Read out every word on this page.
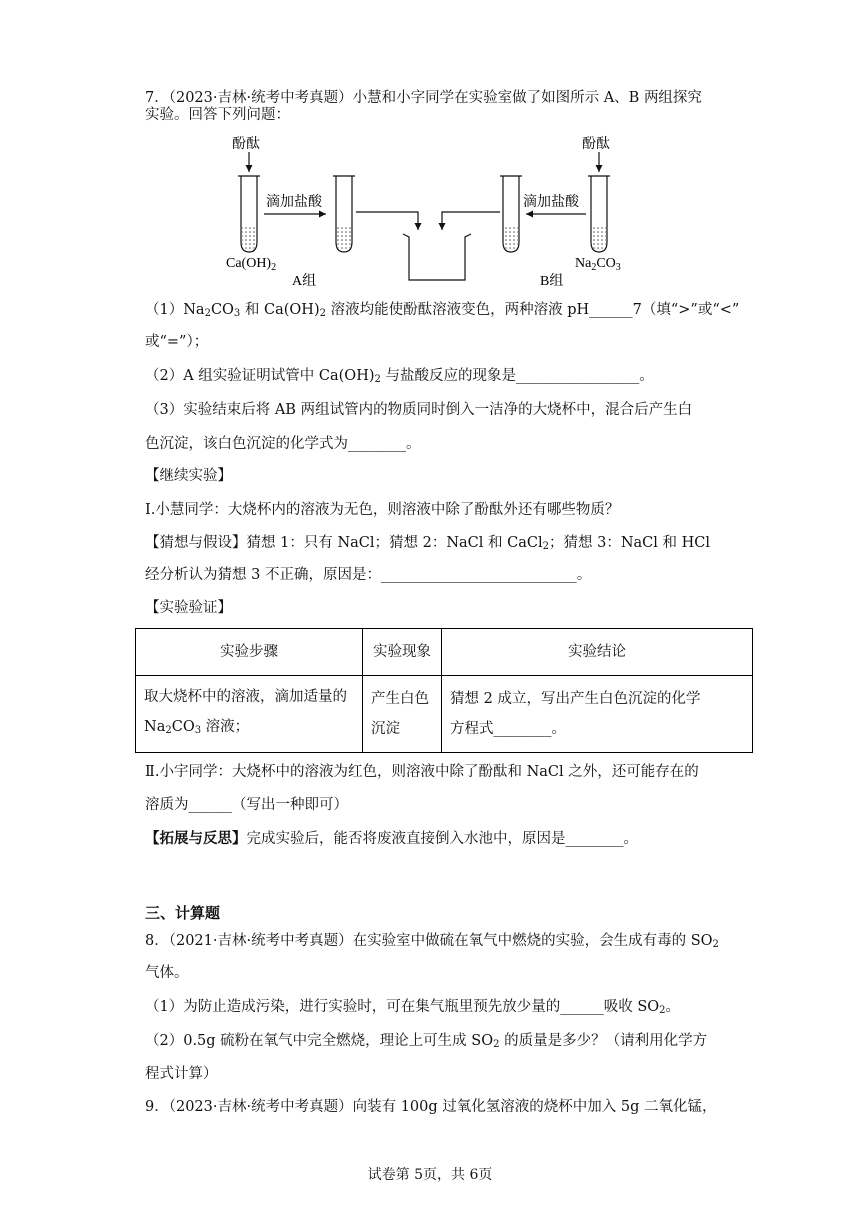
7．（2023·吉林·统考中考真题）小慧和小字同学在实验室做了如图所示 A、B 两组探究
实验。回答下列问题：
酚酞	酚酞
滴加盐酸	滴加盐酸
$Ca(OH)_2$
A组	B组
$Na_2CO_3$
$(1)Na_2CO_3$ 和 $Ca(OH)_2$ 溶液均能使酚酞溶液变色，两种溶液 pH______7（填“>”或“<”
或“=”）；
（2）A 组实验证明试管中 $Ca(OH)_2$ 与盐酸反应的现象是_________________。
（3）实验结束后将 AB 两组试管内的物质同时倒入一洁净的大烧杯中，混合后产生白
色沉淀，该白色沉淀的化学式为________。
【继续实验】
I.小慧同学：大烧杯内的溶液为无色，则溶液中除了酚酞外还有哪些物质？
【猜想与假设】猜想 1：只有 NaCl；猜想 2：NaCl 和 CaCl$_2$；猜想 3：NaCl 和 HCl
经分析认为猜想 3 不正确，原因是：___________________________。
【实验验证】
实验步骤	实验现象	实验结论
取大烧杯中的溶液，滴加适量的
$Na_2CO_3$ 溶液；	产生白色
沉淀	猜想 2 成立，写出产生白色沉淀的化学
方程式________。
Ⅱ.小宇同学：大烧杯中的溶液为红色，则溶液中除了酚酞和 NaCl 之外，还可能存在的
溶质为______（写出一种即可）
【拓展与反思】完成实验后，能否将废液直接倒入水池中，原因是________。
三、计算题
8．（2021·吉林·统考中考真题）在实验室中做硫在氧气中燃烧的实验，会生成有毒的 $SO_2$
气体。
（1）为防止造成污染，进行实验时，可在集气瓶里预先放少量的______吸收 $SO_2$。
（2）0.5g 硫粉在氧气中完全燃烧，理论上可生成 $SO_2$ 的质量是多少？（请利用化学方
程式计算）
9．（2023·吉林·统考中考真题）向装有 100g 过氧化氢溶液的烧杯中加入 5g 二氧化锰，
试卷第 5页，共 6页
